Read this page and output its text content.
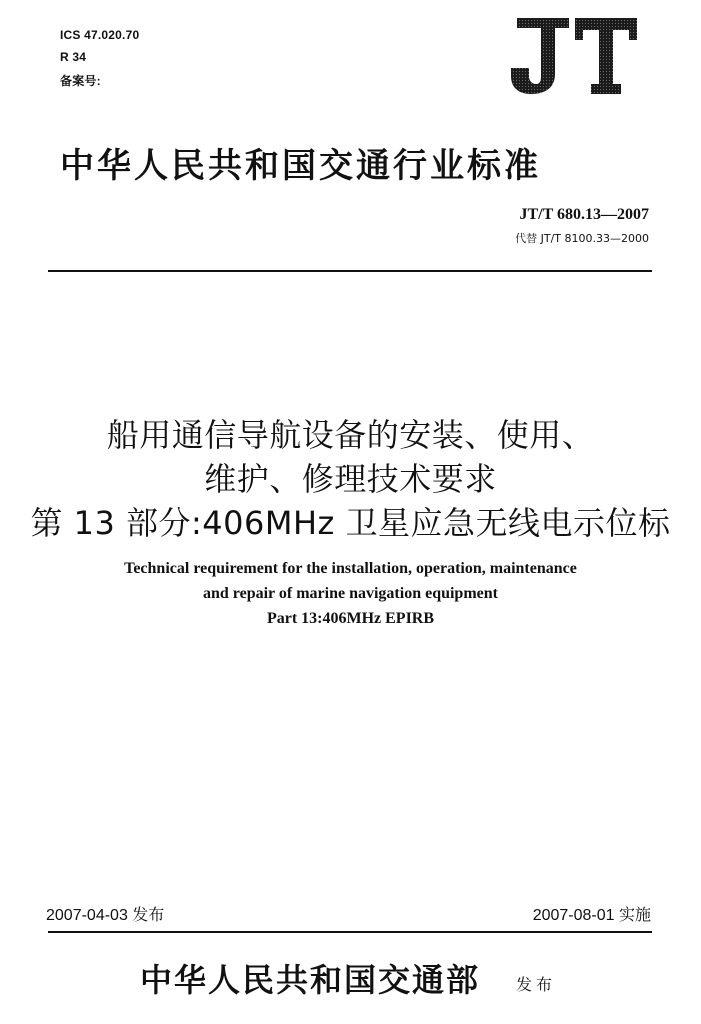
ICS 47.020.70
R 34
备案号:
JT
中华人民共和国交通行业标准
JT/T 680.13—2007
代替 JT/T 8100.33—2000
船用通信导航设备的安装、使用、
维护、修理技术要求
第 13 部分:406MHz 卫星应急无线电示位标
Technical requirement for the installation, operation, maintenance
and repair of marine navigation equipment
Part 13:406MHz EPIRB
2007-04-03 发布	2007-08-01 实施
中华人民共和国交通部 发布
